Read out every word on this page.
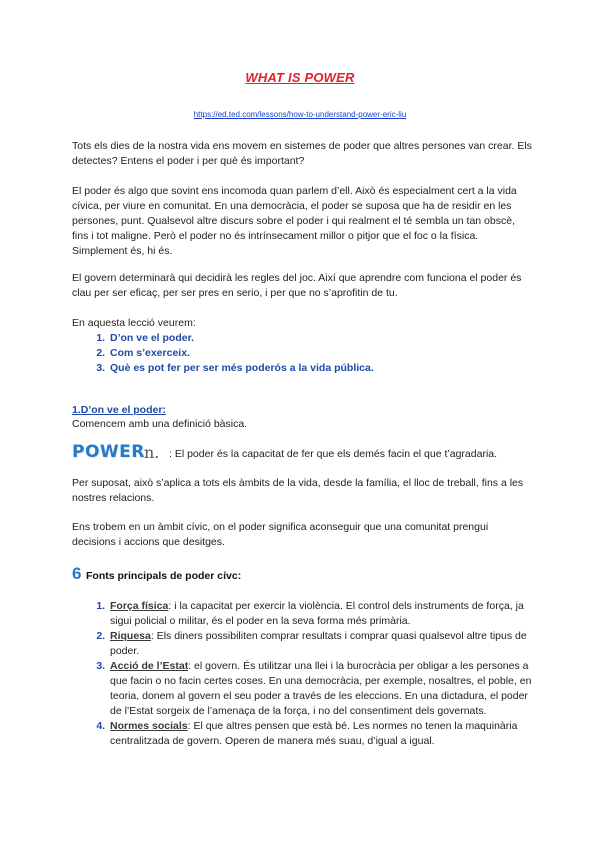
WHAT IS POWER
https://ed.ted.com/lessons/how-to-understand-power-eric-liu

Tots els dies de la nostra vida ens movem en sistemes de poder que altres persones van crear. Els detectes? Entens el poder i per què és important?

El poder és algo que sovint ens incomoda quan parlem d’ell. Això és especialment cert a la vida cívica, per viure en comunitat. En una democràcia, el poder se suposa que ha de residir en les persones, punt. Qualsevol altre discurs sobre el poder i qui realment el té sembla un tan obscè, fins i tot maligne. Però el poder no és intrínsecament millor o pitjor que el foc o la física. Simplement és, hi és.

El govern determinarà qui decidirà les regles del joc. Així que aprendre com funciona el poder és clau per ser eficaç, per ser pres en serio, i per que no s’aprofitin de tu.

En aquesta lecció veurem:

1. D’on ve el poder.
2. Com s’exerceix.
3. Què es pot fer per ser més poderós a la vida pública.
1.D’on ve el poder:

Comencem amb una definició bàsica.

POWER n. : El poder és la capacitat de fer que els demés facin el que t’agradaria.

Per suposat, això s’aplica a tots els àmbits de la vida, desde la família, el lloc de treball, fins a les nostres relacions.

Ens trobem en un àmbit cívic, on el poder significa aconseguir que una comunitat prengui decisions i accions que desitges.

6 Fonts principals de poder cívc:
1. Força física: i la capacitat per exercir la violència. El control dels instruments de força, ja sigui policial o militar, és el poder en la seva forma més primària.
2. Riquesa: Els diners possibiliten comprar resultats i comprar quasi qualsevol altre tipus de poder.
3. Acció de l’Estat: el govern. És utilitzar una llei i la burocràcia per obligar a les persones a que facin o no facin certes coses. En una democràcia, per exemple, nosaltres, el poble, en teoria, donem al govern el seu poder a través de les eleccions. En una dictadura, el poder de l’Estat sorgeix de l’amenaça de la força, i no del consentiment dels governats.
4. Normes socials: El que altres pensen que està bé. Les normes no tenen la maquinària centralitzada de govern. Operen de manera més suau, d’igual a igual.
